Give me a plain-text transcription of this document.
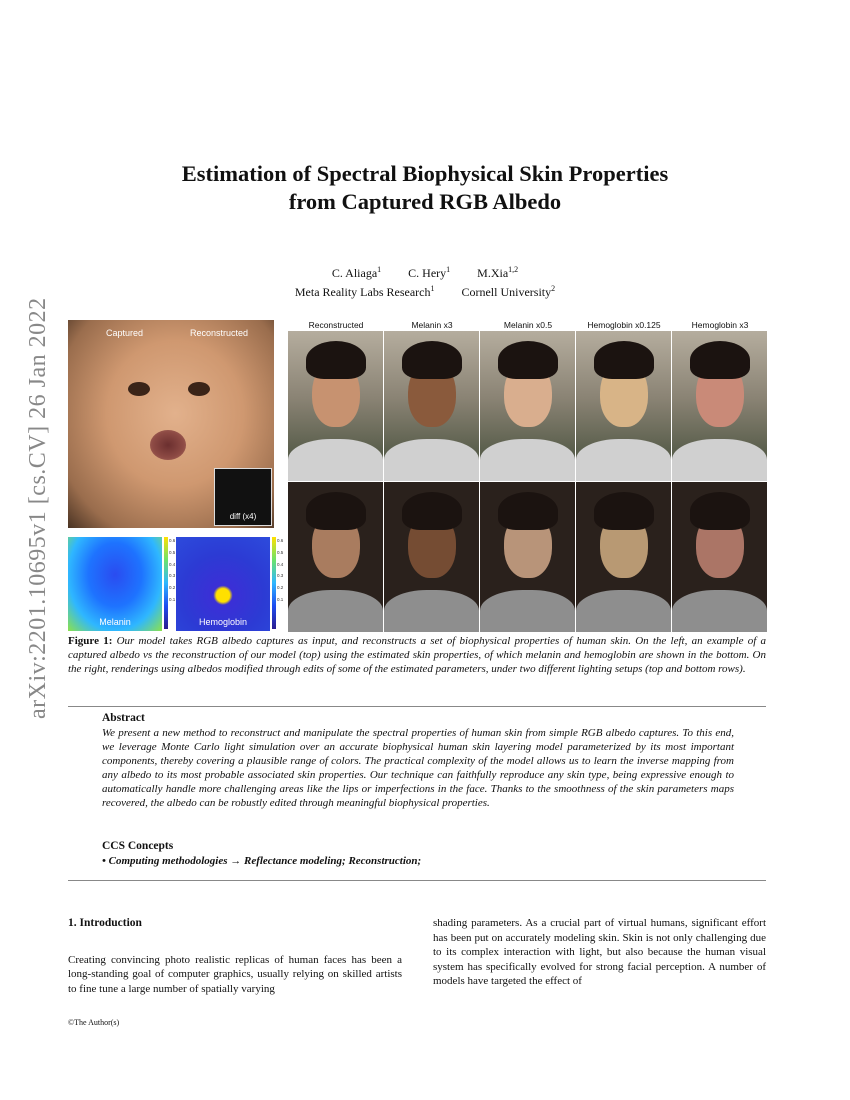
Estimation of Spectral Biophysical Skin Properties
from Captured RGB Albedo
C. Aliaga$^1$ C. Hery$^1$ M.Xia$^{1,2}$
Meta Reality Labs Research$^1$ Cornell University$^2$
arXiv:2201.10695v1 [cs.CV] 26 Jan 2022	Captured	Reconstructed
diff (x4)
Melanin
0.6
0.5
0.4
0.3
0.2
0.1
Hemoglobin
0.6
0.5
0.4
0.3
0.2
0.1
Reconstructed	Melanin x3	Melanin x0.5	Hemoglobin x0.125	Hemoglobin x3
Figure 1: Our model takes RGB albedo captures as input, and reconstructs a set of biophysical properties of human skin. On the left, an example of a captured albedo vs the reconstruction of our model (top) using the estimated skin properties, of which melanin and hemoglobin are shown in the bottom. On the right, renderings using albedos modified through edits of some of the estimated parameters, under two different lighting setups (top and bottom rows).
Abstract

We present a new method to reconstruct and manipulate the spectral properties of human skin from simple RGB albedo captures. To this end, we leverage Monte Carlo light simulation over an accurate biophysical human skin layering model parameterized by its most important components, thereby covering a plausible range of colors. The practical complexity of the model allows us to learn the inverse mapping from any albedo to its most probable associated skin properties. Our technique can faithfully reproduce any skin type, being expressive enough to automatically handle more challenging areas like the lips or imperfections in the face. Thanks to the smoothness of the skin parameters maps recovered, the albedo can be robustly edited through meaningful biophysical properties.

CCS Concepts

• Computing methodologies → Reflectance modeling; Reconstruction;

1. Introduction

Creating convincing photo realistic replicas of human faces has been a long-standing goal of computer graphics, usually relying on skilled artists to fine tune a large number of spatially varying

shading parameters. As a crucial part of virtual humans, significant effort has been put on accurately modeling skin. Skin is not only challenging due to its complex interaction with light, but also because the human visual system has specifically evolved for strong facial perception. A number of models have targeted the effect of
©The Author(s)
